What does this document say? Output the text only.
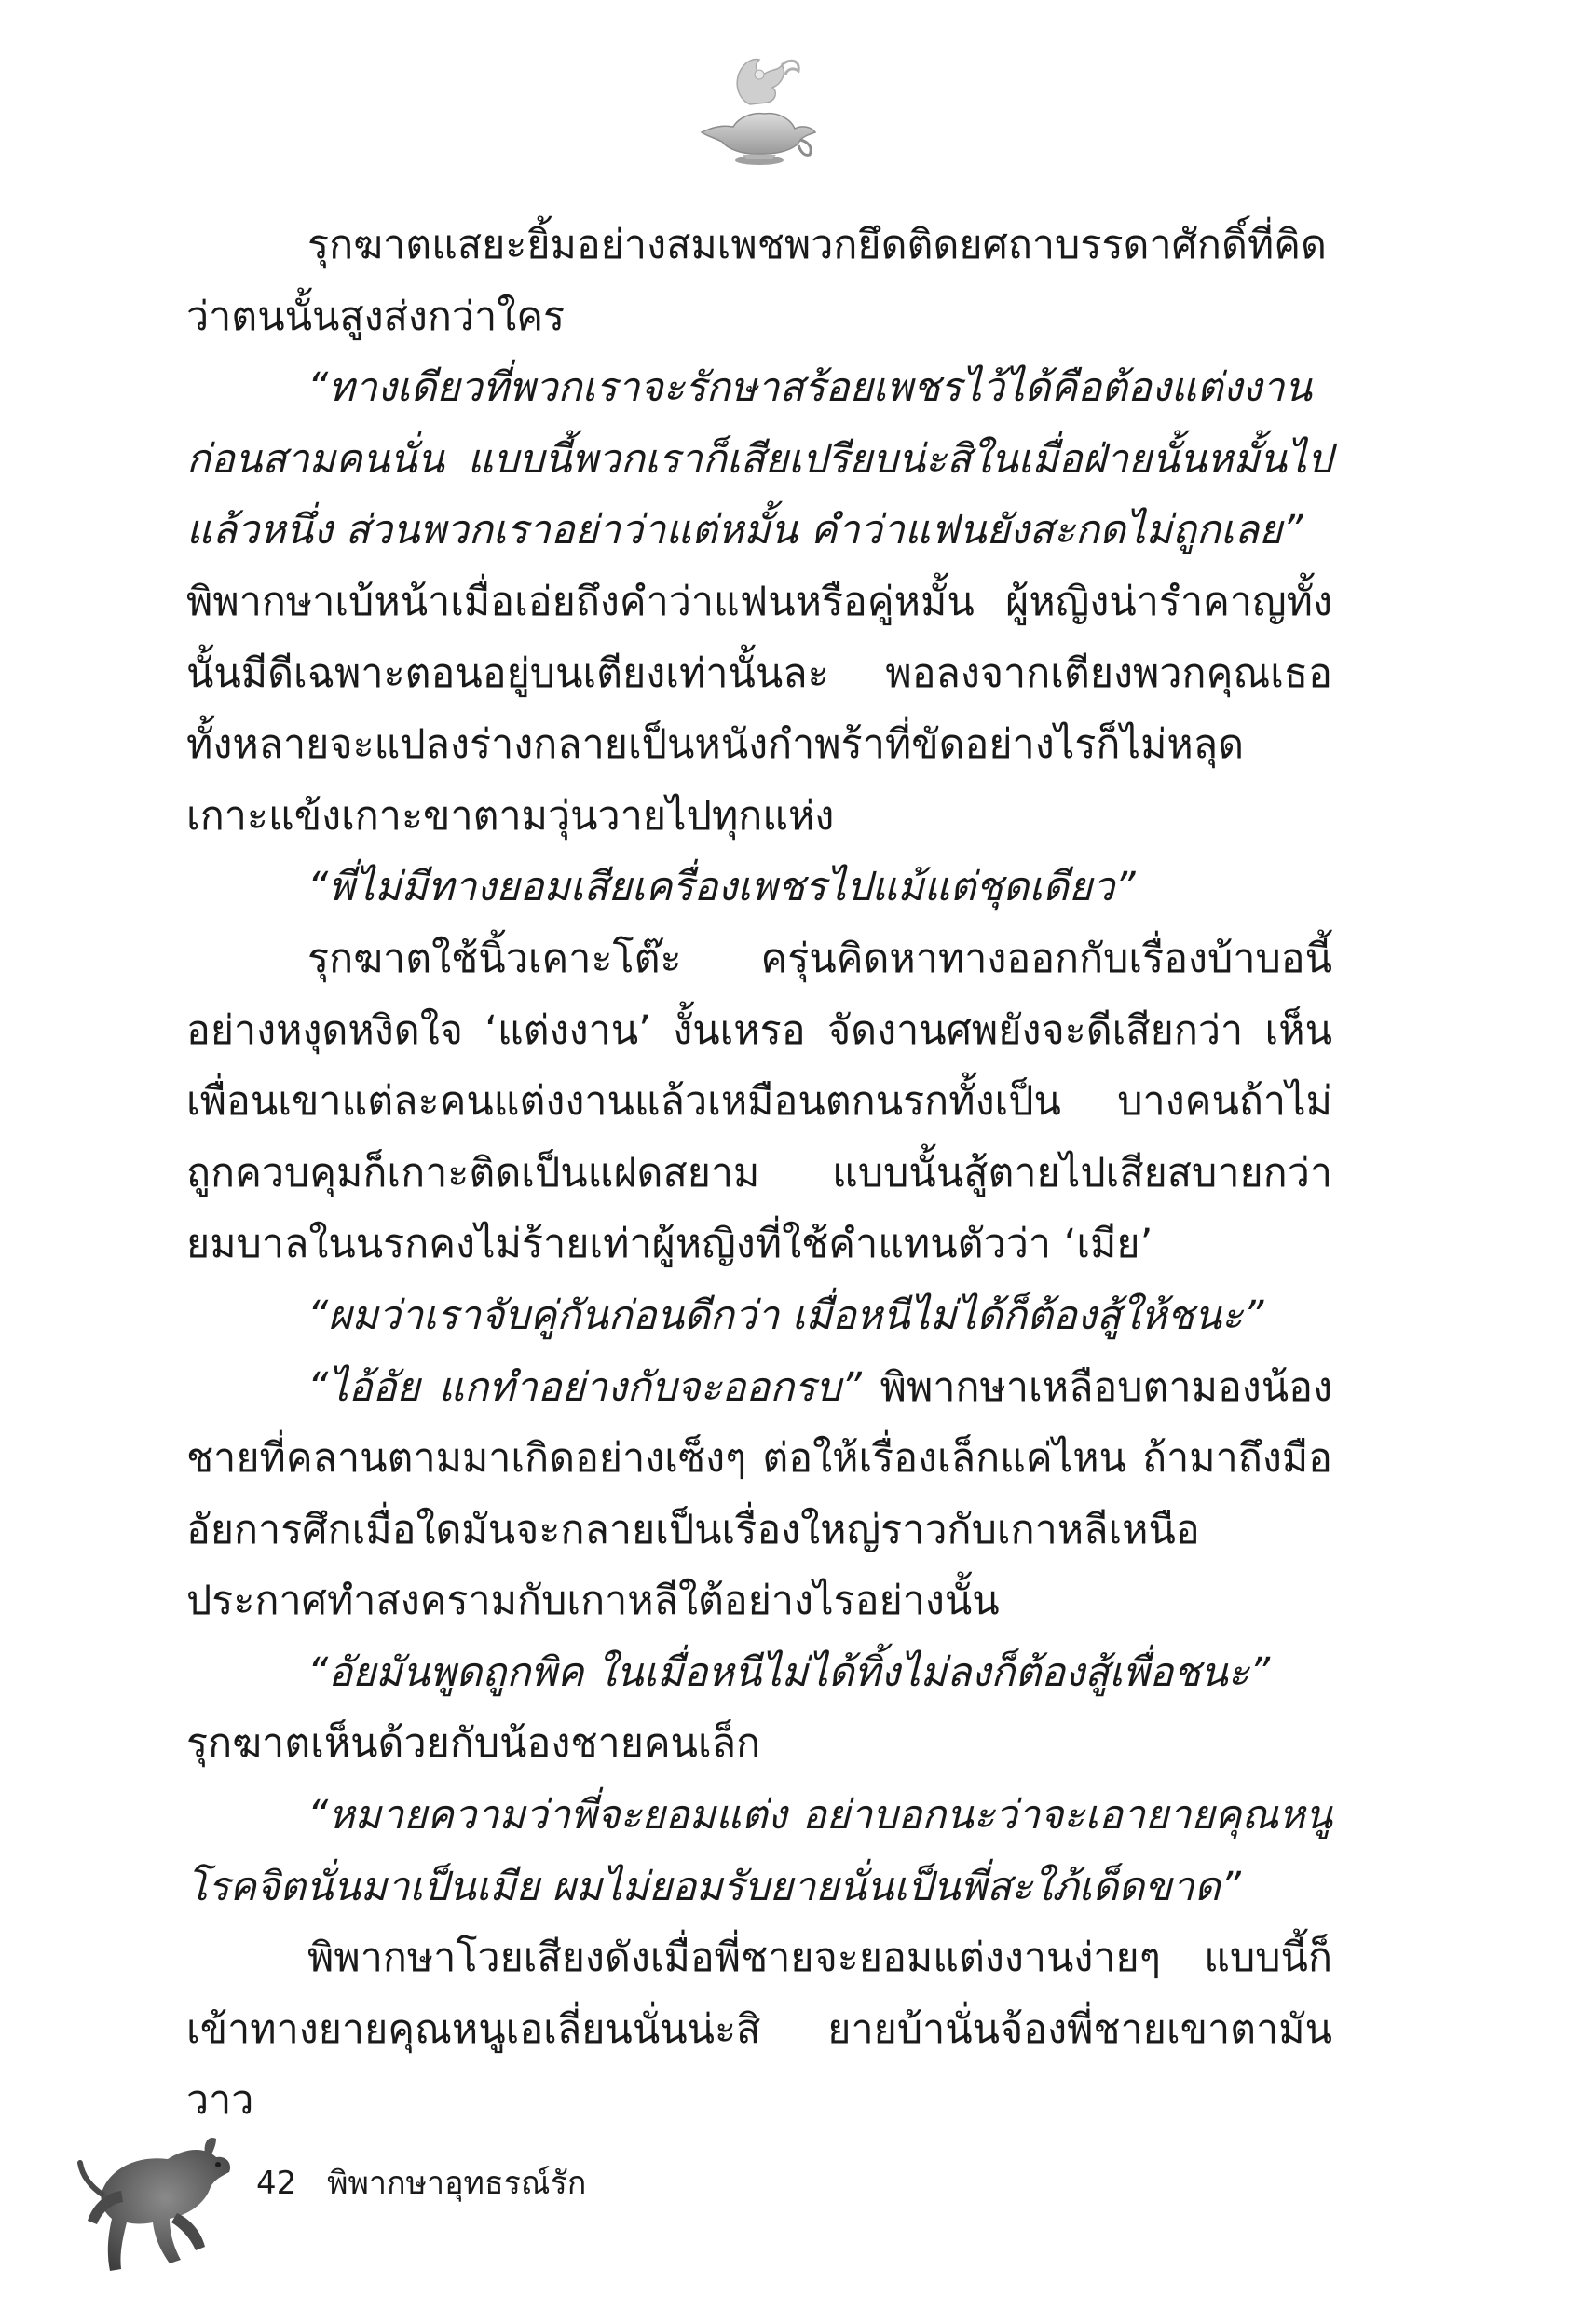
รุกฆาตแสยะยิ้มอย่างสมเพชพวกยึดติดยศถาบรรดาศักดิ์ที่คิดว่าตนนั้นสูงส่งกว่าใคร

“ทางเดียวที่พวกเราจะรักษาสร้อยเพชรไว้ได้คือต้องแต่งงานก่อนสามคนนั่น แบบนี้พวกเราก็เสียเปรียบน่ะสิในเมื่อฝ่ายนั้นหมั้นไปแล้วหนึ่ง ส่วนพวกเราอย่าว่าแต่หมั้น คำว่าแฟนยังสะกดไม่ถูกเลย”

พิพากษาเบ้หน้าเมื่อเอ่ยถึงคำว่าแฟนหรือคู่หมั้น ผู้หญิงน่ารำคาญทั้งนั้นมีดีเฉพาะตอนอยู่บนเตียงเท่านั้นละ พอลงจากเตียงพวกคุณเธอทั้งหลายจะแปลงร่างกลายเป็นหนังกำพร้าที่ขัดอย่างไรก็ไม่หลุด เกาะแข้งเกาะขาตามวุ่นวายไปทุกแห่ง

“พี่ไม่มีทางยอมเสียเครื่องเพชรไปแม้แต่ชุดเดียว”

รุกฆาตใช้นิ้วเคาะโต๊ะ ครุ่นคิดหาทางออกกับเรื่องบ้าบอนี้อย่างหงุดหงิดใจ ‘แต่งงาน’ งั้นเหรอ จัดงานศพยังจะดีเสียกว่า เห็นเพื่อนเขาแต่ละคนแต่งงานแล้วเหมือนตกนรกทั้งเป็น บางคนถ้าไม่ถูกควบคุมก็เกาะติดเป็นแฝดสยาม แบบนั้นสู้ตายไปเสียสบายกว่า ยมบาลในนรกคงไม่ร้ายเท่าผู้หญิงที่ใช้คำแทนตัวว่า ‘เมีย’

“ผมว่าเราจับคู่กันก่อนดีกว่า เมื่อหนีไม่ได้ก็ต้องสู้ให้ชนะ”

“ไอ้อัย แกทำอย่างกับจะออกรบ” พิพากษาเหลือบตามองน้องชายที่คลานตามมาเกิดอย่างเซ็งๆ ต่อให้เรื่องเล็กแค่ไหน ถ้ามาถึงมืออัยการศึกเมื่อใดมันจะกลายเป็นเรื่องใหญ่ราวกับเกาหลีเหนือประกาศทำสงครามกับเกาหลีใต้อย่างไรอย่างนั้น

“อัยมันพูดถูกพิค ในเมื่อหนีไม่ได้ทิ้งไม่ลงก็ต้องสู้เพื่อชนะ”

รุกฆาตเห็นด้วยกับน้องชายคนเล็ก

“หมายความว่าพี่จะยอมแต่ง อย่าบอกนะว่าจะเอายายคุณหนูโรคจิตนั่นมาเป็นเมีย ผมไม่ยอมรับยายนั่นเป็นพี่สะใภ้เด็ดขาด”

พิพากษาโวยเสียงดังเมื่อพี่ชายจะยอมแต่งงานง่ายๆ แบบนี้ก็เข้าทางยายคุณหนูเอเลี่ยนนั่นน่ะสิ ยายบ้านั่นจ้องพี่ชายเขาตามันวาว

42 พิพากษาอุทธรณ์รัก
